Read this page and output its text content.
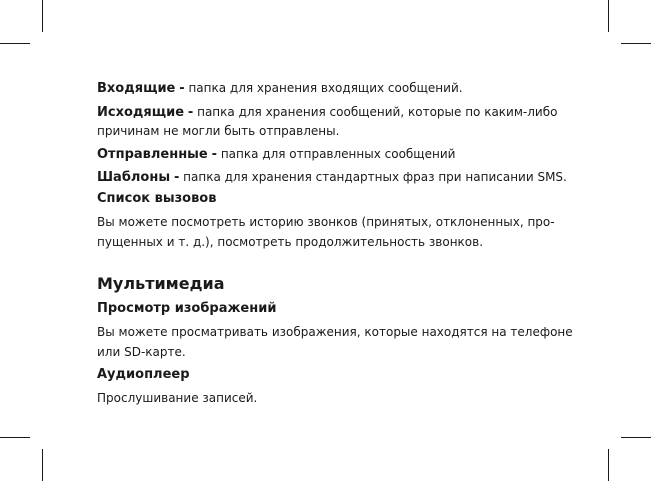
Входящие - папка для хранения входящих сообщений.
Исходящие - папка для хранения сообщений, которые по каким-либо причинам не могли быть отправлены.
Отправленные - папка для отправленных сообщений
Шаблоны - папка для хранения стандартных фраз при написании SMS.
Список вызовов
Вы можете посмотреть историю звонков (принятых, отклоненных, про-пущенных и т. д.), посмотреть продолжительность звонков.
Мультимедиа
Просмотр изображений
Вы можете просматривать изображения, которые находятся на телефоне или SD-карте.
Аудиоплеер
Прослушивание записей.
